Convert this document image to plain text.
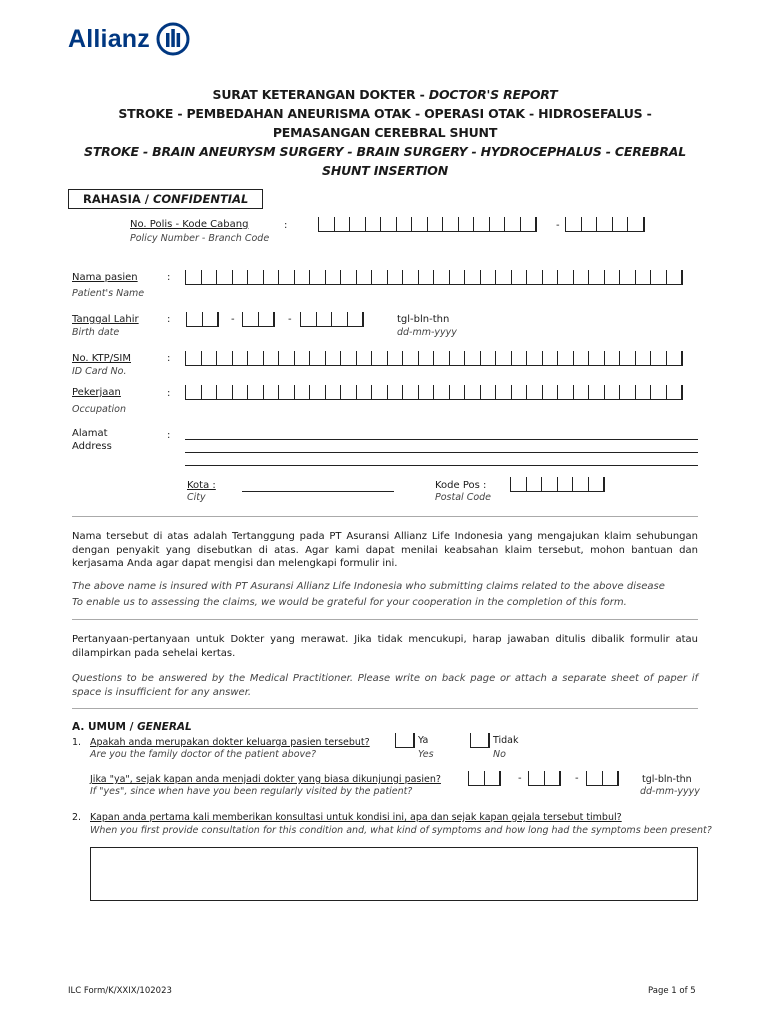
Allianz
SURAT KETERANGAN DOKTER - DOCTOR'S REPORT
STROKE - PEMBEDAHAN ANEURISMA OTAK - OPERASI OTAK - HIDROSEFALUS -
PEMASANGAN CEREBRAL SHUNT
STROKE - BRAIN ANEURYSM SURGERY - BRAIN SURGERY - HYDROCEPHALUS - CEREBRAL
SHUNT INSERTION
RAHASIA / CONFIDENTIAL
No. Polis - Kode Cabang
Policy Number - Branch Code
:	-
Nama pasien
Patient's Name
:
Tanggal Lahir
Birth date
:	-	-	tgl-bln-thn
dd-mm-yyyy
No. KTP/SIM
ID Card No.
:
Pekerjaan
Occupation
:
Alamat
Address
:
Kota :
City
Kode Pos :
Postal Code
Nama tersebut di atas adalah Tertanggung pada PT Asuransi Allianz Life Indonesia yang mengajukan klaim sehubungan dengan penyakit yang disebutkan di atas. Agar kami dapat menilai keabsahan klaim tersebut, mohon bantuan dan kerjasama Anda agar dapat mengisi dan melengkapi formulir ini.
The above name is insured with PT Asuransi Allianz Life Indonesia who submitting claims related to the above disease
To enable us to assessing the claims, we would be grateful for your cooperation in the completion of this form.
Pertanyaan-pertanyaan untuk Dokter yang merawat. Jika tidak mencukupi, harap jawaban ditulis dibalik formulir atau dilampirkan pada sehelai kertas.
Questions to be answered by the Medical Practitioner. Please write on back page or attach a separate sheet of paper if space is insufficient for any answer.
A. UMUM / GENERAL
1. Apakah anda merupakan dokter keluarga pasien tersebut?
Are you the family doctor of the patient above?
Ya
Yes
Tidak
No
Jika "ya", sejak kapan anda menjadi dokter yang biasa dikunjungi pasien?
If "yes", since when have you been regularly visited by the patient?
-	-	tgl-bln-thn
dd-mm-yyyy
2. Kapan anda pertama kali memberikan konsultasi untuk kondisi ini, apa dan sejak kapan gejala tersebut timbul?
When you first provide consultation for this condition and, what kind of symptoms and how long had the symptoms been present?
ILC Form/K/XXIX/102023	Page 1 of 5
